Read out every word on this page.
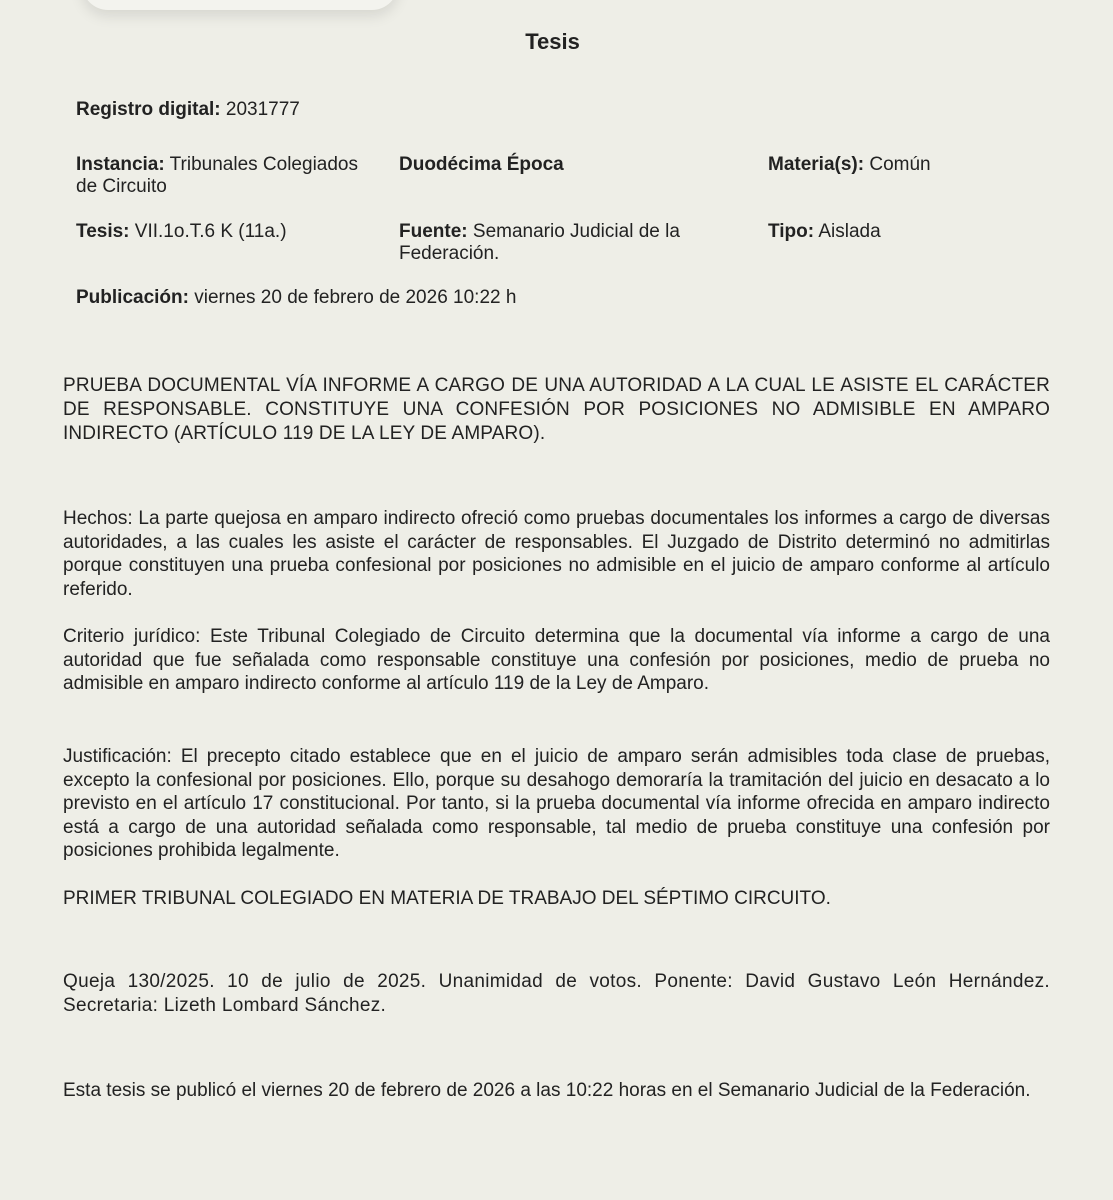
Tesis
Registro digital: 2031777
Instancia: Tribunales Colegiados de Circuito
Duodécima Época	Materia(s): Común
Tesis: VII.1o.T.6 K (11a.)	Fuente: Semanario Judicial de la Federación.
Tipo: Aislada
Publicación: viernes 20 de febrero de 2026 10:22 h

PRUEBA DOCUMENTAL VÍA INFORME A CARGO DE UNA AUTORIDAD A LA CUAL LE ASISTE EL CARÁCTER DE RESPONSABLE. CONSTITUYE UNA CONFESIÓN POR POSICIONES NO ADMISIBLE EN AMPARO INDIRECTO (ARTÍCULO 119 DE LA LEY DE AMPARO).

Hechos: La parte quejosa en amparo indirecto ofreció como pruebas documentales los informes a cargo de diversas autoridades, a las cuales les asiste el carácter de responsables. El Juzgado de Distrito determinó no admitirlas porque constituyen una prueba confesional por posiciones no admisible en el juicio de amparo conforme al artículo referido.

Criterio jurídico: Este Tribunal Colegiado de Circuito determina que la documental vía informe a cargo de una autoridad que fue señalada como responsable constituye una confesión por posiciones, medio de prueba no admisible en amparo indirecto conforme al artículo 119 de la Ley de Amparo.

Justificación: El precepto citado establece que en el juicio de amparo serán admisibles toda clase de pruebas, excepto la confesional por posiciones. Ello, porque su desahogo demoraría la tramitación del juicio en desacato a lo previsto en el artículo 17 constitucional. Por tanto, si la prueba documental vía informe ofrecida en amparo indirecto está a cargo de una autoridad señalada como responsable, tal medio de prueba constituye una confesión por posiciones prohibida legalmente.

PRIMER TRIBUNAL COLEGIADO EN MATERIA DE TRABAJO DEL SÉPTIMO CIRCUITO.

Queja 130/2025. 10 de julio de 2025. Unanimidad de votos. Ponente: David Gustavo León Hernández. Secretaria: Lizeth Lombard Sánchez.

Esta tesis se publicó el viernes 20 de febrero de 2026 a las 10:22 horas en el Semanario Judicial de la Federación.
